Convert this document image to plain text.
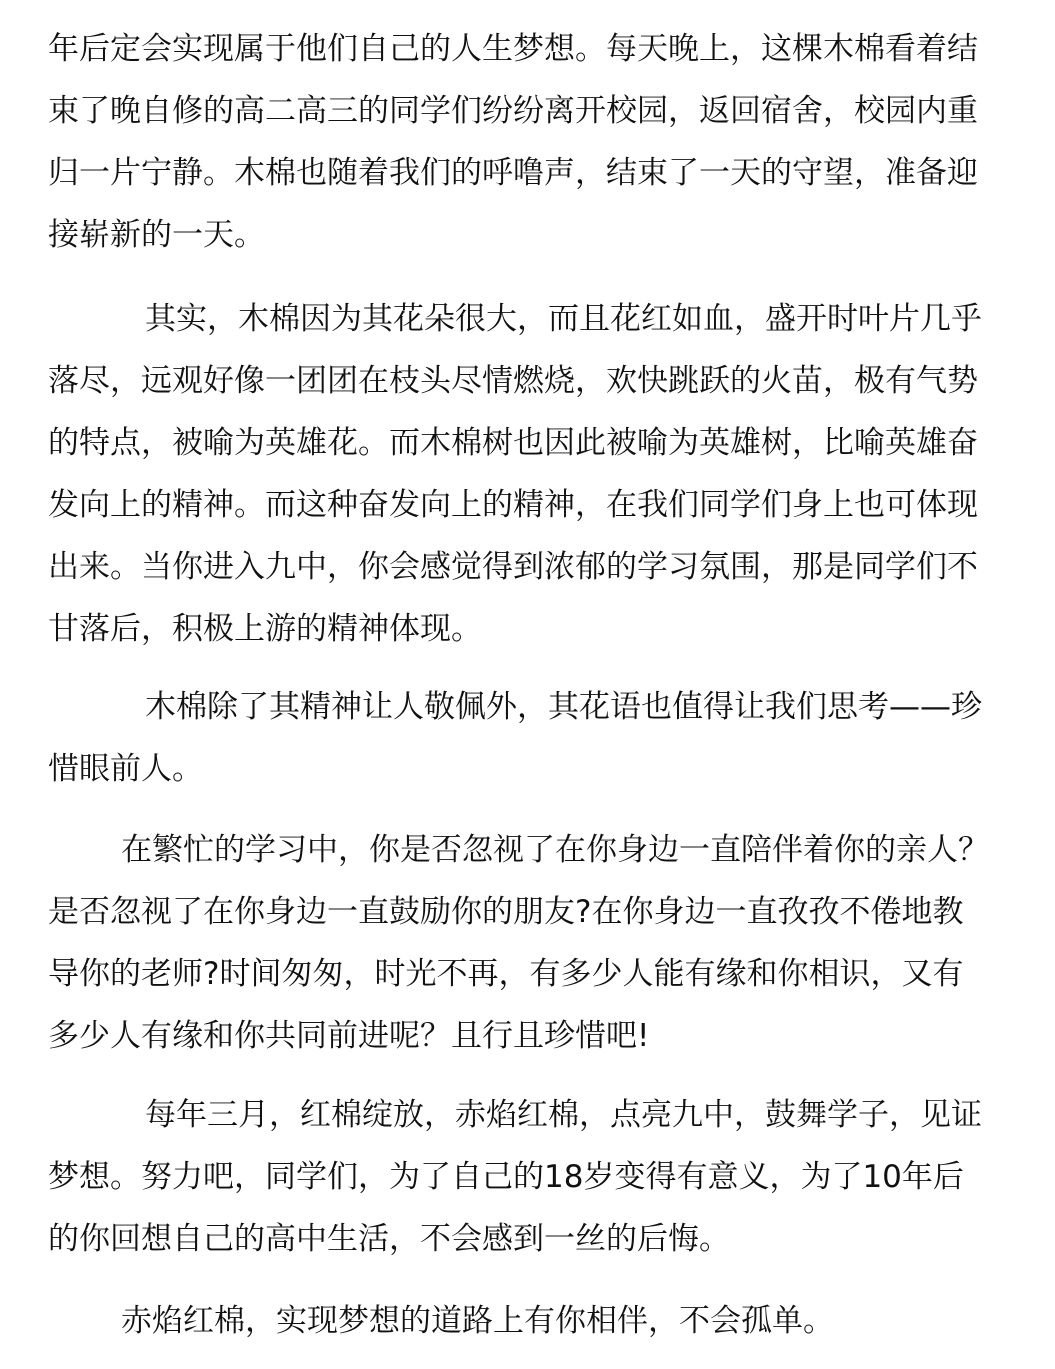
年后定会实现属于他们自己的人生梦想。每天晚上，这棵木棉看着结
束了晚自修的高二高三的同学们纷纷离开校园，返回宿舍，校园内重
归一片宁静。木棉也随着我们的呼噜声，结束了一天的守望，准备迎
接崭新的一天。
其实，木棉因为其花朵很大，而且花红如血，盛开时叶片几乎
落尽，远观好像一团团在枝头尽情燃烧，欢快跳跃的火苗，极有气势
的特点，被喻为英雄花。而木棉树也因此被喻为英雄树，比喻英雄奋
发向上的精神。而这种奋发向上的精神，在我们同学们身上也可体现
出来。当你进入九中，你会感觉得到浓郁的学习氛围，那是同学们不
甘落后，积极上游的精神体现。
木棉除了其精神让人敬佩外，其花语也值得让我们思考——珍
惜眼前人。
在繁忙的学习中，你是否忽视了在你身边一直陪伴着你的亲人？
是否忽视了在你身边一直鼓励你的朋友?在你身边一直孜孜不倦地教
导你的老师?时间匆匆，时光不再，有多少人能有缘和你相识，又有
多少人有缘和你共同前进呢？且行且珍惜吧!
每年三月，红棉绽放，赤焰红棉，点亮九中，鼓舞学子，见证
梦想。努力吧，同学们，为了自己的18岁变得有意义，为了10年后
的你回想自己的高中生活，不会感到一丝的后悔。
赤焰红棉，实现梦想的道路上有你相伴，不会孤单。
